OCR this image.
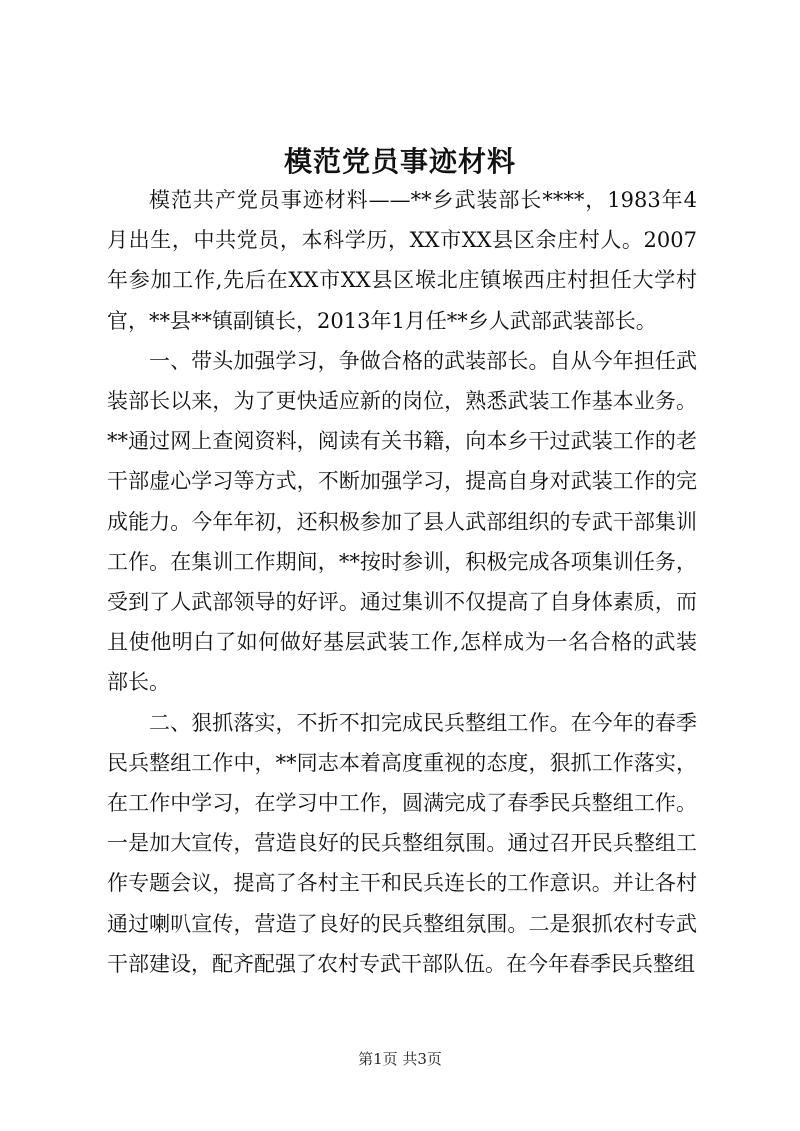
模范党员事迹材料

模范共产党员事迹材料——**乡武装部长****，1983年4月出生，中共党员，本科学历，XX市XX县区余庄村人。2007年参加工作,先后在XX市XX县区堠北庄镇堠西庄村担任大学村官，**县**镇副镇长，2013年1月任**乡人武部武装部长。

一、带头加强学习，争做合格的武装部长。自从今年担任武装部长以来，为了更快适应新的岗位，熟悉武装工作基本业务。**通过网上查阅资料，阅读有关书籍，向本乡干过武装工作的老干部虚心学习等方式，不断加强学习，提高自身对武装工作的完成能力。今年年初，还积极参加了县人武部组织的专武干部集训工作。在集训工作期间，**按时参训，积极完成各项集训任务，受到了人武部领导的好评。通过集训不仅提高了自身体素质，而且使他明白了如何做好基层武装工作,怎样成为一名合格的武装部长。

二、狠抓落实，不折不扣完成民兵整组工作。在今年的春季民兵整组工作中，**同志本着高度重视的态度，狠抓工作落实，在工作中学习，在学习中工作，圆满完成了春季民兵整组工作。一是加大宣传，营造良好的民兵整组氛围。通过召开民兵整组工作专题会议，提高了各村主干和民兵连长的工作意识。并让各村通过喇叭宣传，营造了良好的民兵整组氛围。二是狠抓农村专武干部建设，配齐配强了农村专武干部队伍。在今年春季民兵整组

第1页 共3页
